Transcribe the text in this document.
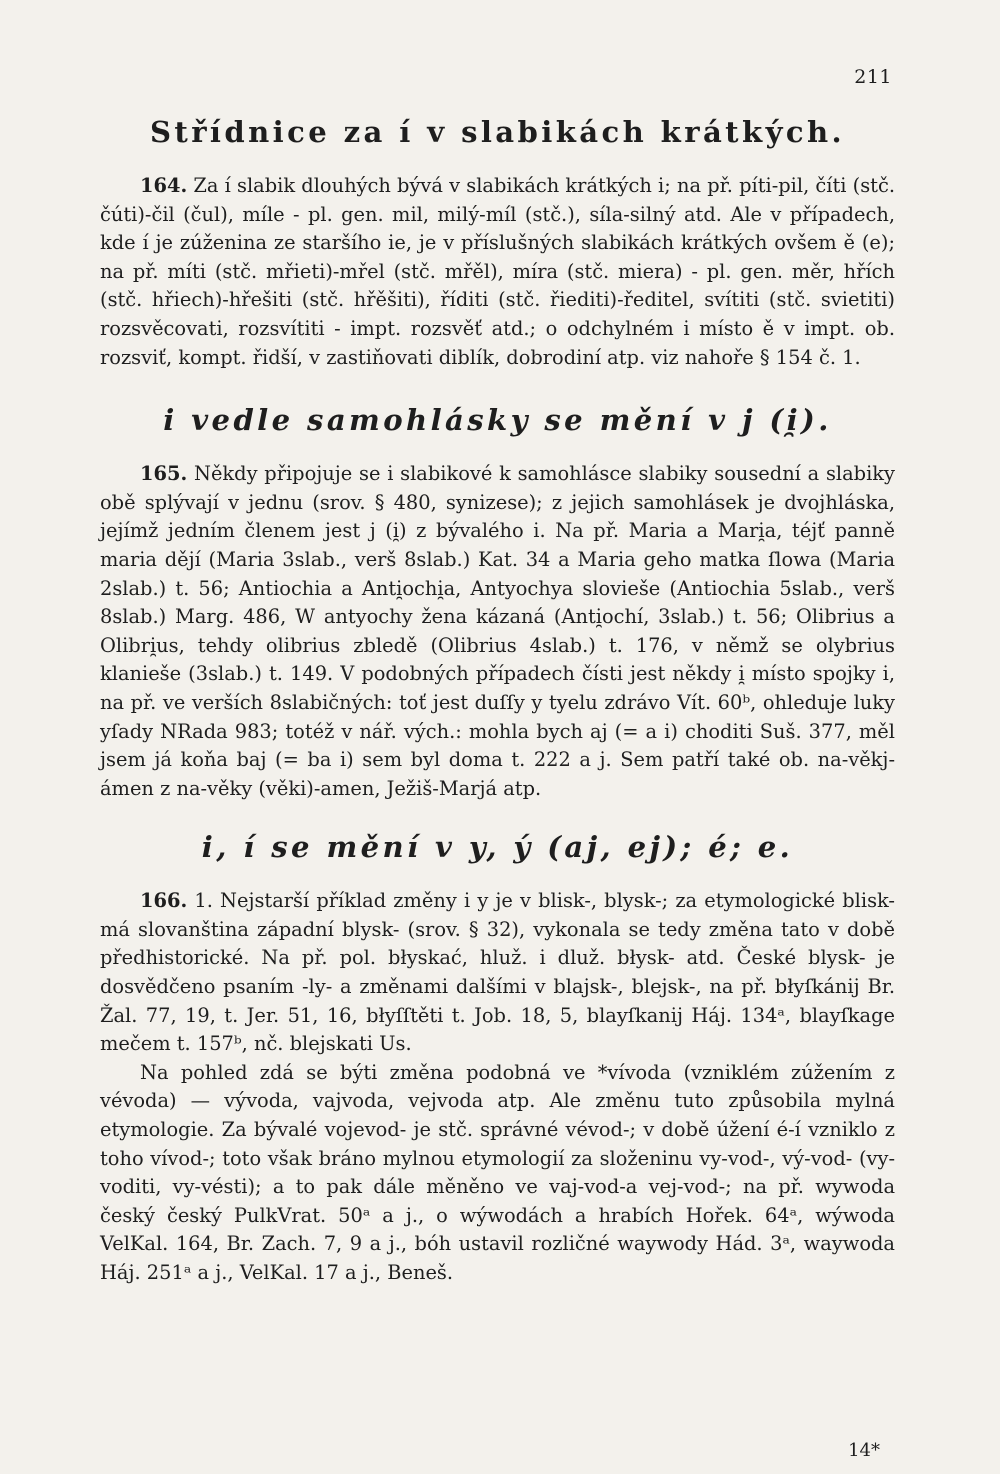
211
Střídnice za í v slabikách krátkých.

164. Za í slabik dlouhých bývá v slabikách krátkých i; na př. píti-pil, číti (stč. čúti)-čil (čul), míle - pl. gen. mil, milý-míl (stč.), síla-silný atd. Ale v případech, kde í je zúženina ze staršího ie, je v příslušných slabikách krátkých ovšem ě (e); na př. míti (stč. mřieti)-mřel (stč. mřěl), míra (stč. miera) - pl. gen. měr, hřích (stč. hřiech)-hřešiti (stč. hřěšiti), říditi (stč. řiediti)-ředitel, svítiti (stč. svietiti) rozsvěcovati, rozsvítiti - impt. rozsvěť atd.; o odchylném i místo ě v impt. ob. rozsviť, kompt. řidší, v zastiňovati diblík, dobrodiní atp. viz nahoře § 154 č. 1.

i vedle samohlásky se mění v j (i̯).

165. Někdy připojuje se i slabikové k samohlásce slabiky sousední a slabiky obě splývají v jednu (srov. § 480, synizese); z jejich samohlásek je dvojhláska, jejímž jedním členem jest j (i̯) z bývalého i. Na př. Maria a Mari̯a, téjť panně maria dějí (Maria 3slab., verš 8slab.) Kat. 34 a Maria geho matka ſlowa (Maria 2slab.) t. 56; Antiochia a Anti̯ochi̯a, Antyochya slovieše (Antiochia 5slab., verš 8slab.) Marg. 486, W antyochy žena kázaná (Anti̯ochí, 3slab.) t. 56; Olibrius a Olibri̯us, tehdy olibrius zbledě (Olibrius 4slab.) t. 176, v němž se olybrius klanieše (3slab.) t. 149. V podobných případech čísti jest někdy i̯ místo spojky i, na př. ve verších 8slabičných: toť jest duſſy y tyelu zdrávo Vít. 60ᵇ, ohleduje luky yſady NRada 983; totéž v nář. vých.: mohla bych aj (= a i) choditi Suš. 377, měl jsem já koňa baj (= ba i) sem byl doma t. 222 a j. Sem patří také ob. na-věkj-ámen z na-věky (věki)-amen, Ježiš-Marjá atp.

i, í se mění v y, ý (aj, ej); é; e.

166. 1. Nejstarší příklad změny i y je v blisk-, blysk-; za etymologické blisk- má slovanština západní blysk- (srov. § 32), vykonala se tedy změna tato v době předhistorické. Na př. pol. błyskać, hluž. i dluž. błysk- atd. České blysk- je dosvědčeno psaním -ly- a změnami dalšími v blajsk-, blejsk-, na př. błyſkánij Br. Žal. 77, 19, t. Jer. 51, 16, błyſſtěti t. Job. 18, 5, blayſkanij Háj. 134ᵃ, blayſkage mečem t. 157ᵇ, nč. blejskati Us.

Na pohled zdá se býti změna podobná ve *vívoda (vzniklém zúžením z vévoda) — vývoda, vajvoda, vejvoda atp. Ale změnu tuto způsobila mylná etymologie. Za bývalé vojevod- je stč. správné vévod-; v době úžení é-í vzniklo z toho vívod-; toto však bráno mylnou etymologií za složeninu vy-vod-, vý-vod- (vy-voditi, vy-vésti); a to pak dále měněno ve vaj-vod-a vej-vod-; na př. wywoda český český PulkVrat. 50ᵃ a j., o wýwodách a hrabích Hořek. 64ᵃ, wýwoda VelKal. 164, Br. Zach. 7, 9 a j., bóh ustavil rozličné waywody Hád. 3ᵃ, waywoda Háj. 251ᵃ a j., VelKal. 17 a j., Beneš.

14*
